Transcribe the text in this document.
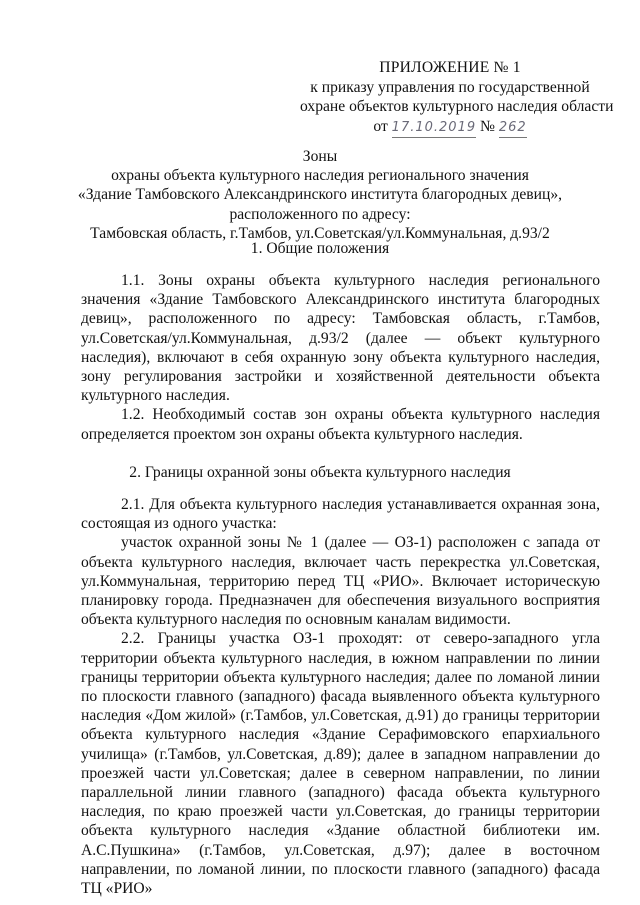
ПРИЛОЖЕНИЕ № 1
к приказу управления по государственной
охране объектов культурного наследия области
от 17.10.2019 № 262
Зоны
охраны объекта культурного наследия регионального значения
«Здание Тамбовского Александринского института благородных девиц»,
расположенного по адресу:
Тамбовская область, г.Тамбов, ул.Советская/ул.Коммунальная, д.93/2
1. Общие положения

1.1. Зоны охраны объекта культурного наследия регионального значения «Здание Тамбовского Александринского института благородных девиц», расположенного по адресу: Тамбовская область, г.Тамбов, ул.Советская/ул.Коммунальная, д.93/2 (далее — объект культурного наследия), включают в себя охранную зону объекта культурного наследия, зону регулирования застройки и хозяйственной деятельности объекта культурного наследия.

1.2. Необходимый состав зон охраны объекта культурного наследия определяется проектом зон охраны объекта культурного наследия.

2. Границы охранной зоны объекта культурного наследия

2.1. Для объекта культурного наследия устанавливается охранная зона, состоящая из одного участка:

участок охранной зоны № 1 (далее — ОЗ-1) расположен с запада от объекта культурного наследия, включает часть перекрестка ул.Советская, ул.Коммунальная, территорию перед ТЦ «РИО». Включает историческую планировку города. Предназначен для обеспечения визуального восприятия объекта культурного наследия по основным каналам видимости.

2.2. Границы участка ОЗ-1 проходят: от северо-западного угла территории объекта культурного наследия, в южном направлении по линии границы территории объекта культурного наследия; далее по ломаной линии по плоскости главного (западного) фасада выявленного объекта культурного наследия «Дом жилой» (г.Тамбов, ул.Советская, д.91) до границы территории объекта культурного наследия «Здание Серафимовского епархиального училища» (г.Тамбов, ул.Советская, д.89); далее в западном направлении до проезжей части ул.Советская; далее в северном направлении, по линии параллельной линии главного (западного) фасада объекта культурного наследия, по краю проезжей части ул.Советская, до границы территории объекта культурного наследия «Здание областной библиотеки им. А.С.Пушкина» (г.Тамбов, ул.Советская, д.97); далее в восточном направлении, по ломаной линии, по плоскости главного (западного) фасада ТЦ «РИО»
